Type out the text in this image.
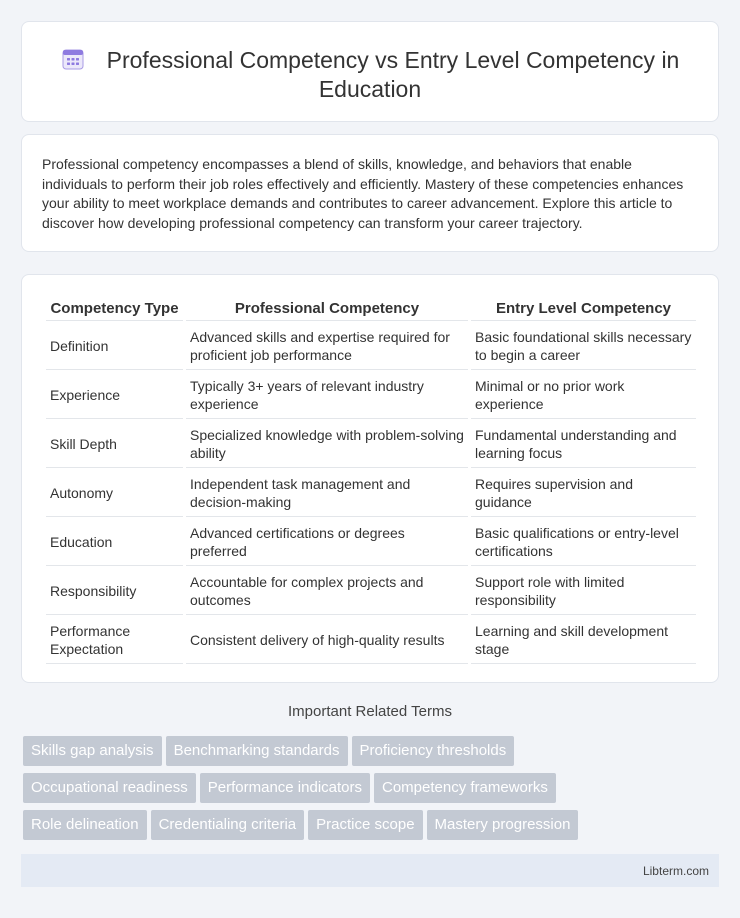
Professional Competency vs Entry Level Competency in Education

Professional competency encompasses a blend of skills, knowledge, and behaviors that enable individuals to perform their job roles effectively and efficiently. Mastery of these competencies enhances your ability to meet workplace demands and contributes to career advancement. Explore this article to discover how developing professional competency can transform your career trajectory.

Competency Type	Professional Competency	Entry Level Competency
Definition	Advanced skills and expertise required for proficient job performance	Basic foundational skills necessary to begin a career
Experience	Typically 3+ years of relevant industry experience	Minimal or no prior work experience
Skill Depth	Specialized knowledge with problem-solving ability	Fundamental understanding and learning focus
Autonomy	Independent task management and decision-making	Requires supervision and guidance
Education	Advanced certifications or degrees preferred	Basic qualifications or entry-level certifications
Responsibility	Accountable for complex projects and outcomes	Support role with limited responsibility
Performance Expectation	Consistent delivery of high-quality results	Learning and skill development stage
Important Related Terms
Skills gap analysis Benchmarking standards Proficiency thresholds
Occupational readiness Performance indicators Competency frameworks
Role delineation Credentialing criteria Practice scope Mastery progression
Libterm.com
